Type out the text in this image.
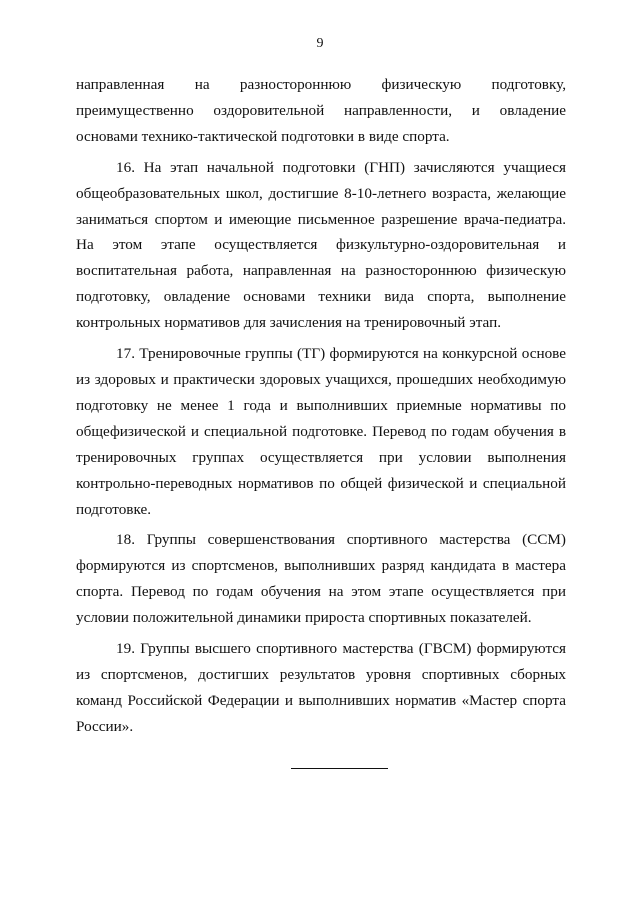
9

направленная на разностороннюю физическую подготовку, преимущественно оздоровительной направленности, и овладение основами технико-тактической подготовки в виде спорта.

16. На этап начальной подготовки (ГНП) зачисляются учащиеся общеобразовательных школ, достигшие 8-10-летнего возраста, желающие заниматься спортом и имеющие письменное разрешение врача-педиатра. На этом этапе осуществляется физкультурно-оздоровительная и воспитательная работа, направленная на разностороннюю физическую подготовку, овладение основами техники вида спорта, выполнение контрольных нормативов для зачисления на тренировочный этап.

17. Тренировочные группы (ТГ) формируются на конкурсной основе из здоровых и практически здоровых учащихся, прошедших необходимую подготовку не менее 1 года и выполнивших приемные нормативы по общефизической и специальной подготовке. Перевод по годам обучения в тренировочных группах осуществляется при условии выполнения контрольно-переводных нормативов по общей физической и специальной подготовке.

18. Группы совершенствования спортивного мастерства (ССМ) формируются из спортсменов, выполнивших разряд кандидата в мастера спорта. Перевод по годам обучения на этом этапе осуществляется при условии положительной динамики прироста спортивных показателей.

19. Группы высшего спортивного мастерства (ГВСМ) формируются из спортсменов, достигших результатов уровня спортивных сборных команд Российской Федерации и выполнивших норматив «Мастер спорта России».
